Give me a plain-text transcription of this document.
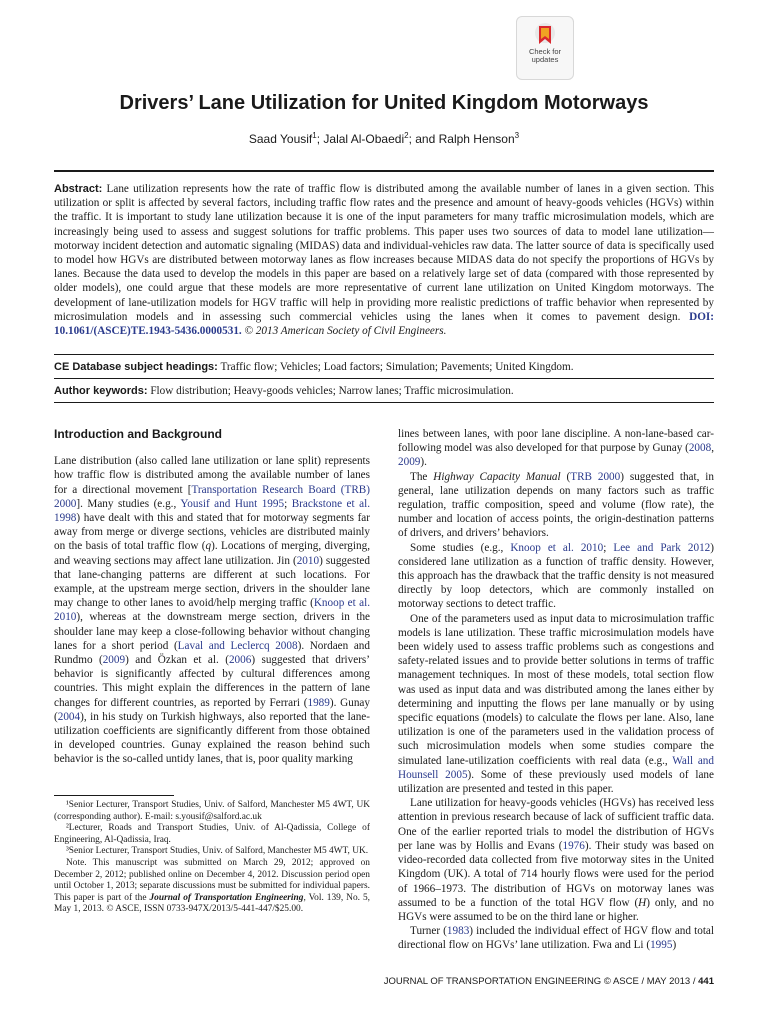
Check for
updates
Drivers’ Lane Utilization for United Kingdom Motorways
Saad Yousif$^1$; Jalal Al-Obaedi$^2$; and Ralph Henson$^3$
Abstract: Lane utilization represents how the rate of traffic flow is distributed among the available number of lanes in a given section. This utilization or split is affected by several factors, including traffic flow rates and the presence and amount of heavy-goods vehicles (HGVs) within the traffic. It is important to study lane utilization because it is one of the input parameters for many traffic microsimulation models, which are increasingly being used to assess and suggest solutions for traffic problems. This paper uses two sources of data to model lane utilization—motorway incident detection and automatic signaling (MIDAS) data and individual-vehicles raw data. The latter source of data is specifically used to model how HGVs are distributed between motorway lanes as flow increases because MIDAS data do not specify the proportions of HGVs by lanes. Because the data used to develop the models in this paper are based on a relatively large set of data (compared with those represented by older models), one could argue that these models are more representative of current lane utilization on United Kingdom motorways. The development of lane-utilization models for HGV traffic will help in providing more realistic predictions of traffic behavior when represented by microsimulation models and in assessing such commercial vehicles using the lanes when it comes to pavement design. DOI: 10.1061/(ASCE)TE.1943-5436.0000531. © 2013 American Society of Civil Engineers.
CE Database subject headings: Traffic flow; Vehicles; Load factors; Simulation; Pavements; United Kingdom.
Author keywords: Flow distribution; Heavy-goods vehicles; Narrow lanes; Traffic microsimulation.
Introduction and Background

Lane distribution (also called lane utilization or lane split) represents how traffic flow is distributed among the available number of lanes for a directional movement [Transportation Research Board (TRB) 2000]. Many studies (e.g., Yousif and Hunt 1995; Brackstone et al. 1998) have dealt with this and stated that for motorway segments far away from merge or diverge sections, vehicles are distributed mainly on the basis of total traffic flow (q). Locations of merging, diverging, and weaving sections may affect lane utilization. Jin (2010) suggested that lane-changing patterns are different at such locations. For example, at the upstream merge section, drivers in the shoulder lane may change to other lanes to avoid/help merging traffic (Knoop et al. 2010), whereas at the downstream merge section, drivers in the shoulder lane may keep a close-following behavior without changing lanes for a short period (Laval and Leclercq 2008). Nordaen and Rundmo (2009) and Özkan et al. (2006) suggested that drivers’ behavior is significantly affected by cultural differences among countries. This might explain the differences in the pattern of lane changes for different countries, as reported by Ferrari (1989). Gunay (2004), in his study on Turkish highways, also reported that the lane-utilization coefficients are significantly different from those obtained in developed countries. Gunay explained the reason behind such behavior is the so-called untidy lanes, that is, poor quality marking

¹Senior Lecturer, Transport Studies, Univ. of Salford, Manchester M5 4WT, UK (corresponding author). E-mail: s.yousif@salford.ac.uk

²Lecturer, Roads and Transport Studies, Univ. of Al-Qadissia, College of Engineering, Al-Qadissia, Iraq.

³Senior Lecturer, Transport Studies, Univ. of Salford, Manchester M5 4WT, UK.

Note. This manuscript was submitted on March 29, 2012; approved on December 2, 2012; published online on December 4, 2012. Discussion period open until October 1, 2013; separate discussions must be submitted for individual papers. This paper is part of the Journal of Transportation Engineering, Vol. 139, No. 5, May 1, 2013. © ASCE, ISSN 0733-947X/2013/5-441-447/$25.00.

lines between lanes, with poor lane discipline. A non-lane-based car-following model was also developed for that purpose by Gunay (2008, 2009).

The Highway Capacity Manual (TRB 2000) suggested that, in general, lane utilization depends on many factors such as traffic regulation, traffic composition, speed and volume (flow rate), the number and location of access points, the origin-destination patterns of drivers, and drivers’ behaviors.

Some studies (e.g., Knoop et al. 2010; Lee and Park 2012) considered lane utilization as a function of traffic density. However, this approach has the drawback that the traffic density is not measured directly by loop detectors, which are commonly installed on motorway sections to detect traffic.

One of the parameters used as input data to microsimulation traffic models is lane utilization. These traffic microsimulation models have been widely used to assess traffic problems such as congestions and safety-related issues and to provide better solutions in terms of traffic management techniques. In most of these models, total section flow was used as input data and was distributed among the lanes either by determining and inputting the flows per lane manually or by using specific equations (models) to calculate the flows per lane. Also, lane utilization is one of the parameters used in the validation process of such microsimulation models when some studies compare the simulated lane-utilization coefficients with real data (e.g., Wall and Hounsell 2005). Some of these previously used models of lane utilization are presented and tested in this paper.

Lane utilization for heavy-goods vehicles (HGVs) has received less attention in previous research because of lack of sufficient traffic data. One of the earlier reported trials to model the distribution of HGVs per lane was by Hollis and Evans (1976). Their study was based on video-recorded data collected from five motorway sites in the United Kingdom (UK). A total of 714 hourly flows were used for the period of 1966–1973. The distribution of HGVs on motorway lanes was assumed to be a function of the total HGV flow (H) only, and no HGVs were assumed to be on the third lane or higher.

Turner (1983) included the individual effect of HGV flow and total directional flow on HGVs’ lane utilization. Fwa and Li (1995)

JOURNAL OF TRANSPORTATION ENGINEERING © ASCE / MAY 2013 / 441
